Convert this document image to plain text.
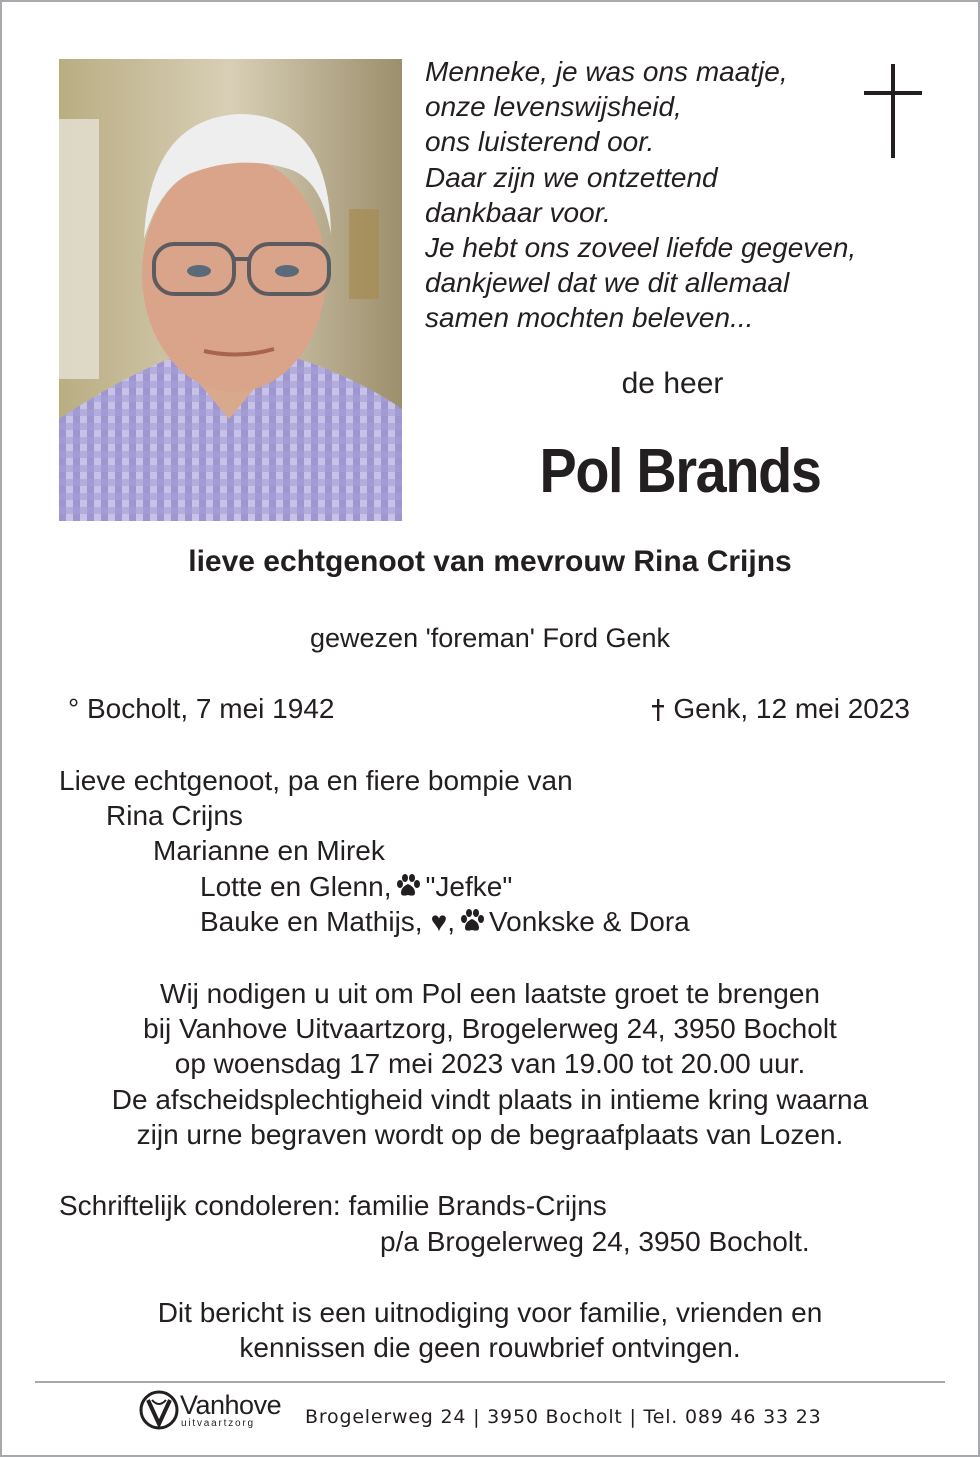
Menneke, je was ons maatje,
onze levenswijsheid,
ons luisterend oor.
Daar zijn we ontzettend
dankbaar voor.
Je hebt ons zoveel liefde gegeven,
dankjewel dat we dit allemaal
samen mochten beleven...
de heer
Pol Brands
lieve echtgenoot van mevrouw Rina Crijns
gewezen 'foreman' Ford Genk
° Bocholt, 7 mei 1942	Genk, 12 mei 2023
Lieve echtgenoot, pa en fiere bompie van
Rina Crijns
Marianne en Mirek
Lotte en Glenn, "Jefke"
Bauke en Mathijs, ♥, Vonkske & Dora
Wij nodigen u uit om Pol een laatste groet te brengen
bij Vanhove Uitvaartzorg, Brogelerweg 24, 3950 Bocholt
op woensdag 17 mei 2023 van 19.00 tot 20.00 uur.
De afscheidsplechtigheid vindt plaats in intieme kring waarna
zijn urne begraven wordt op de begraafplaats van Lozen.
Schriftelijk condoleren: familie Brands-Crijns
p/a Brogelerweg 24, 3950 Bocholt.
Dit bericht is een uitnodiging voor familie, vrienden en
kennissen die geen rouwbrief ontvingen.
Vanhove
uitvaartzorg	Brogelerweg 24 | 3950 Bocholt | Tel. 089 46 33 23
